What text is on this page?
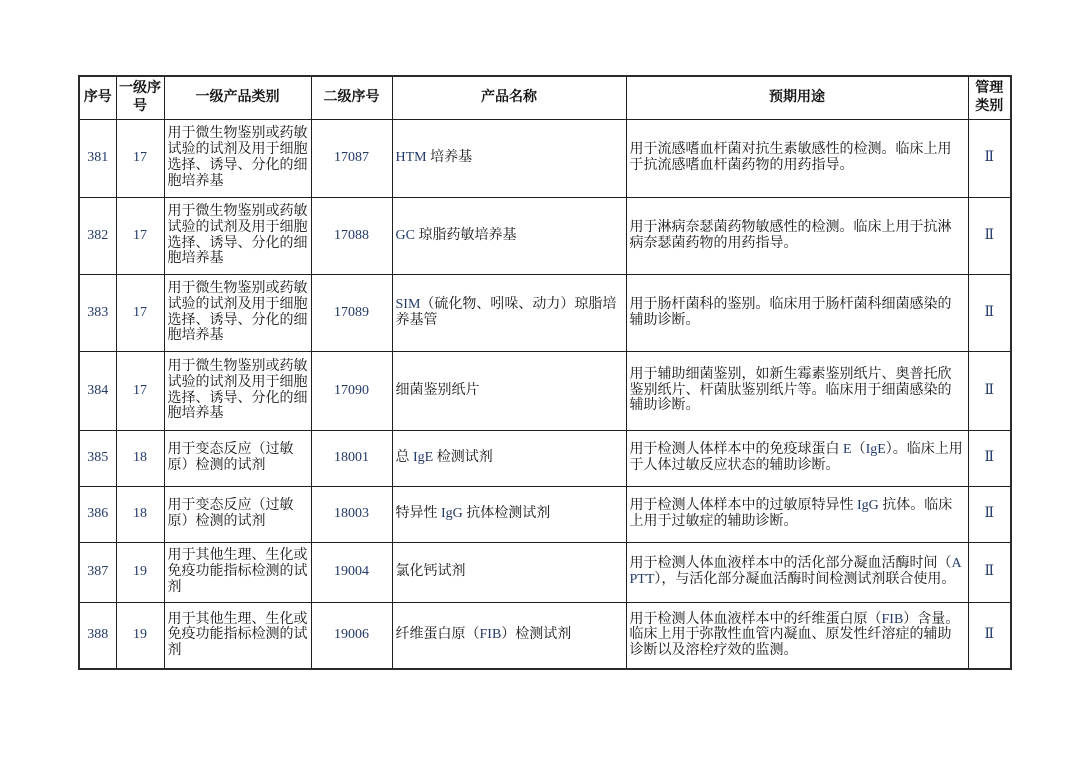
序号	一级序号	一级产品类别	二级序号	产品名称	预期用途	管理类别
381	17	用于微生物鉴别或药敏试验的试剂及用于细胞选择、诱导、分化的细胞培养基	17087	HTM 培养基	用于流感嗜血杆菌对抗生素敏感性的检测。临床上用于抗流感嗜血杆菌药物的用药指导。	Ⅱ
382	17	用于微生物鉴别或药敏试验的试剂及用于细胞选择、诱导、分化的细胞培养基	17088	GC 琼脂药敏培养基	用于淋病奈瑟菌药物敏感性的检测。临床上用于抗淋病奈瑟菌药物的用药指导。	Ⅱ
383	17	用于微生物鉴别或药敏试验的试剂及用于细胞选择、诱导、分化的细胞培养基	17089	SIM（硫化物、吲哚、动力）琼脂培养基管	用于肠杆菌科的鉴别。临床用于肠杆菌科细菌感染的辅助诊断。	Ⅱ
384	17	用于微生物鉴别或药敏试验的试剂及用于细胞选择、诱导、分化的细胞培养基	17090	细菌鉴别纸片	用于辅助细菌鉴别，如新生霉素鉴别纸片、奥普托欣鉴别纸片、杆菌肽鉴别纸片等。临床用于细菌感染的辅助诊断。	Ⅱ
385	18	用于变态反应（过敏原）检测的试剂	18001	总 IgE 检测试剂	用于检测人体样本中的免疫球蛋白 E（IgE）。临床上用于人体过敏反应状态的辅助诊断。	Ⅱ
386	18	用于变态反应（过敏原）检测的试剂	18003	特异性 IgG 抗体检测试剂	用于检测人体样本中的过敏原特异性 IgG 抗体。临床上用于过敏症的辅助诊断。	Ⅱ
387	19	用于其他生理、生化或免疫功能指标检测的试剂	19004	氯化钙试剂	用于检测人体血液样本中的活化部分凝血活酶时间（APTT），与活化部分凝血活酶时间检测试剂联合使用。	Ⅱ
388	19	用于其他生理、生化或免疫功能指标检测的试剂	19006	纤维蛋白原（FIB）检测试剂	用于检测人体血液样本中的纤维蛋白原（FIB）含量。临床上用于弥散性血管内凝血、原发性纤溶症的辅助诊断以及溶栓疗效的监测。	Ⅱ
